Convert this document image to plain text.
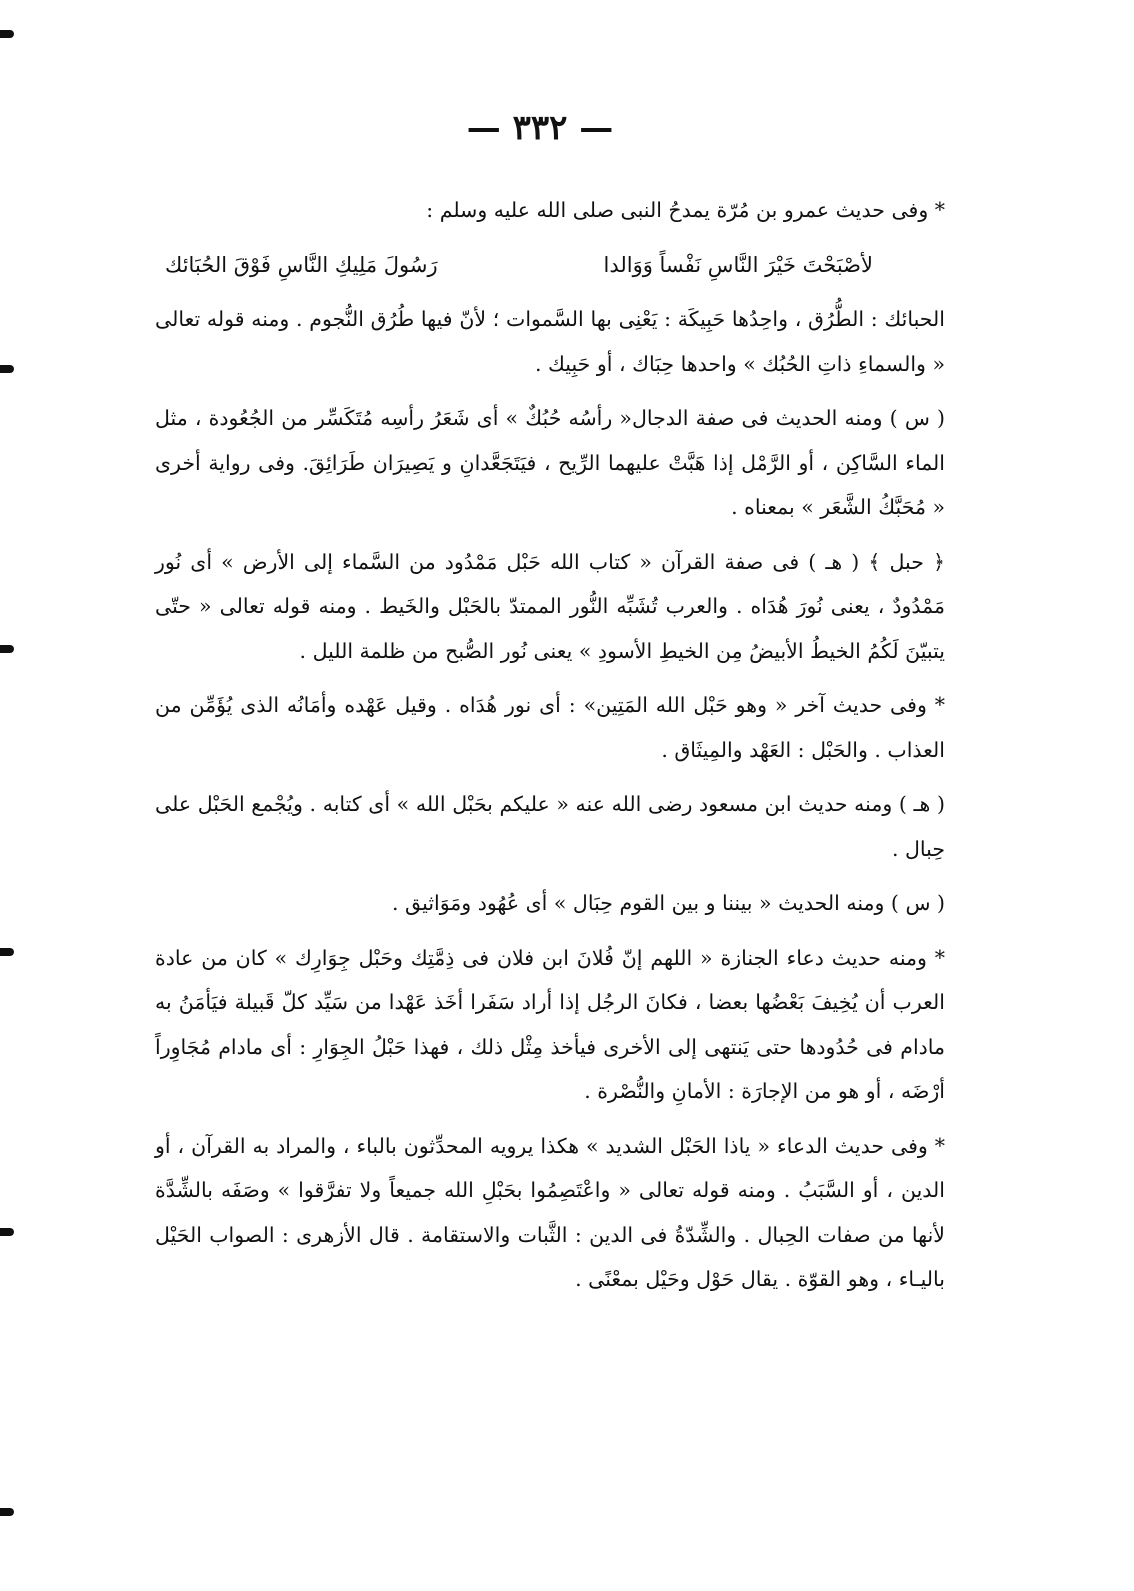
— ٣٣٢ —

* وفى حديث عمرو بن مُرّة يمدحُ النبى صلى الله عليه وسلم :

لأصْبَحْتَ خَيْرَ النَّاسِ نَفْساً وَوَالدا
رَسُولَ مَلِيكِ النَّاسِ فَوْقَ الحُبَائك

الحبائك : الطُّرُق ، واحِدُها حَبِيكَة : يَعْنِى بها السَّموات ؛ لأنّ فيها طُرُق النُّجوم . ومنه قوله تعالى « والسماءِ ذاتِ الحُبُك » واحدها حِبَاك ، أو حَبِيك .

( س ) ومنه الحديث فى صفة الدجال« رأسُه حُبُكٌ » أى شَعَرُ رأسِه مُتَكَسِّر من الجُعُودة ، مثل الماء السَّاكِن ، أو الرَّمْل إذا هَبَّتْ عليهما الرِّيح ، فيَتَجَعَّدانِ و يَصِيرَان طَرَائِقَ. وفى رواية أخرى « مُحَبَّكُ الشَّعَر » بمعناه .

﴿ حبل ﴾ ( هـ ) فى صفة القرآن « كتاب الله حَبْل مَمْدُود من السَّماء إلى الأرض » أى نُور مَمْدُودٌ ، يعنى نُورَ هُدَاه . والعرب تُشَبِّه النُّور الممتدّ بالحَبْل والخَيط . ومنه قوله تعالى « حتّى يتبيّنَ لَكُمُ الخيطُ الأبيضُ مِن الخيطِ الأسودِ » يعنى نُور الصُّبح من ظلمة الليل .

* وفى حديث آخر « وهو حَبْل الله المَتِين» : أى نور هُدَاه . وقيل عَهْده وأمَانُه الذى يُؤَمِّن من العذاب . والحَبْل : العَهْد والمِيثَاق .

( هـ ) ومنه حديث ابن مسعود رضى الله عنه « عليكم بحَبْل الله » أى كتابه . ويُجْمع الحَبْل على حِبال .

( س ) ومنه الحديث « بيننا و بين القوم حِبَال » أى عُهُود ومَوَاثيق .

* ومنه حديث دعاء الجنازة « اللهم إنّ فُلانَ ابن فلان فى ذِمَّتِك وحَبْل جِوَارِك » كان من عادة العرب أن يُخِيفَ بَعْضُها بعضا ، فكانَ الرجُل إذا أراد سَفَرا أخَذ عَهْدا من سَيِّد كلّ قَبيلة فيَأمَنُ به مادام فى حُدُودها حتى يَنتهى إلى الأخرى فيأخذ مِثْل ذلك ، فهذا حَبْلُ الجِوَارِ : أى مادام مُجَاوِراً أرْضَه ، أو هو من الإجارَة : الأمانِ والنُّصْرة .

* وفى حديث الدعاء « ياذا الحَبْل الشديد » هكذا يرويه المحدِّثون بالباء ، والمراد به القرآن ، أو الدين ، أو السَّبَبُ . ومنه قوله تعالى « واعْتَصِمُوا بحَبْلِ الله جميعاً ولا تفرَّقوا » وصَفَه بالشِّدَّة لأنها من صفات الحِبال . والشِّدّةُ فى الدين : الثَّبات والاستقامة . قال الأزهرى : الصواب الحَيْل باليـاء ، وهو القوّة . يقال حَوْل وحَيْل بمعْنًى .
